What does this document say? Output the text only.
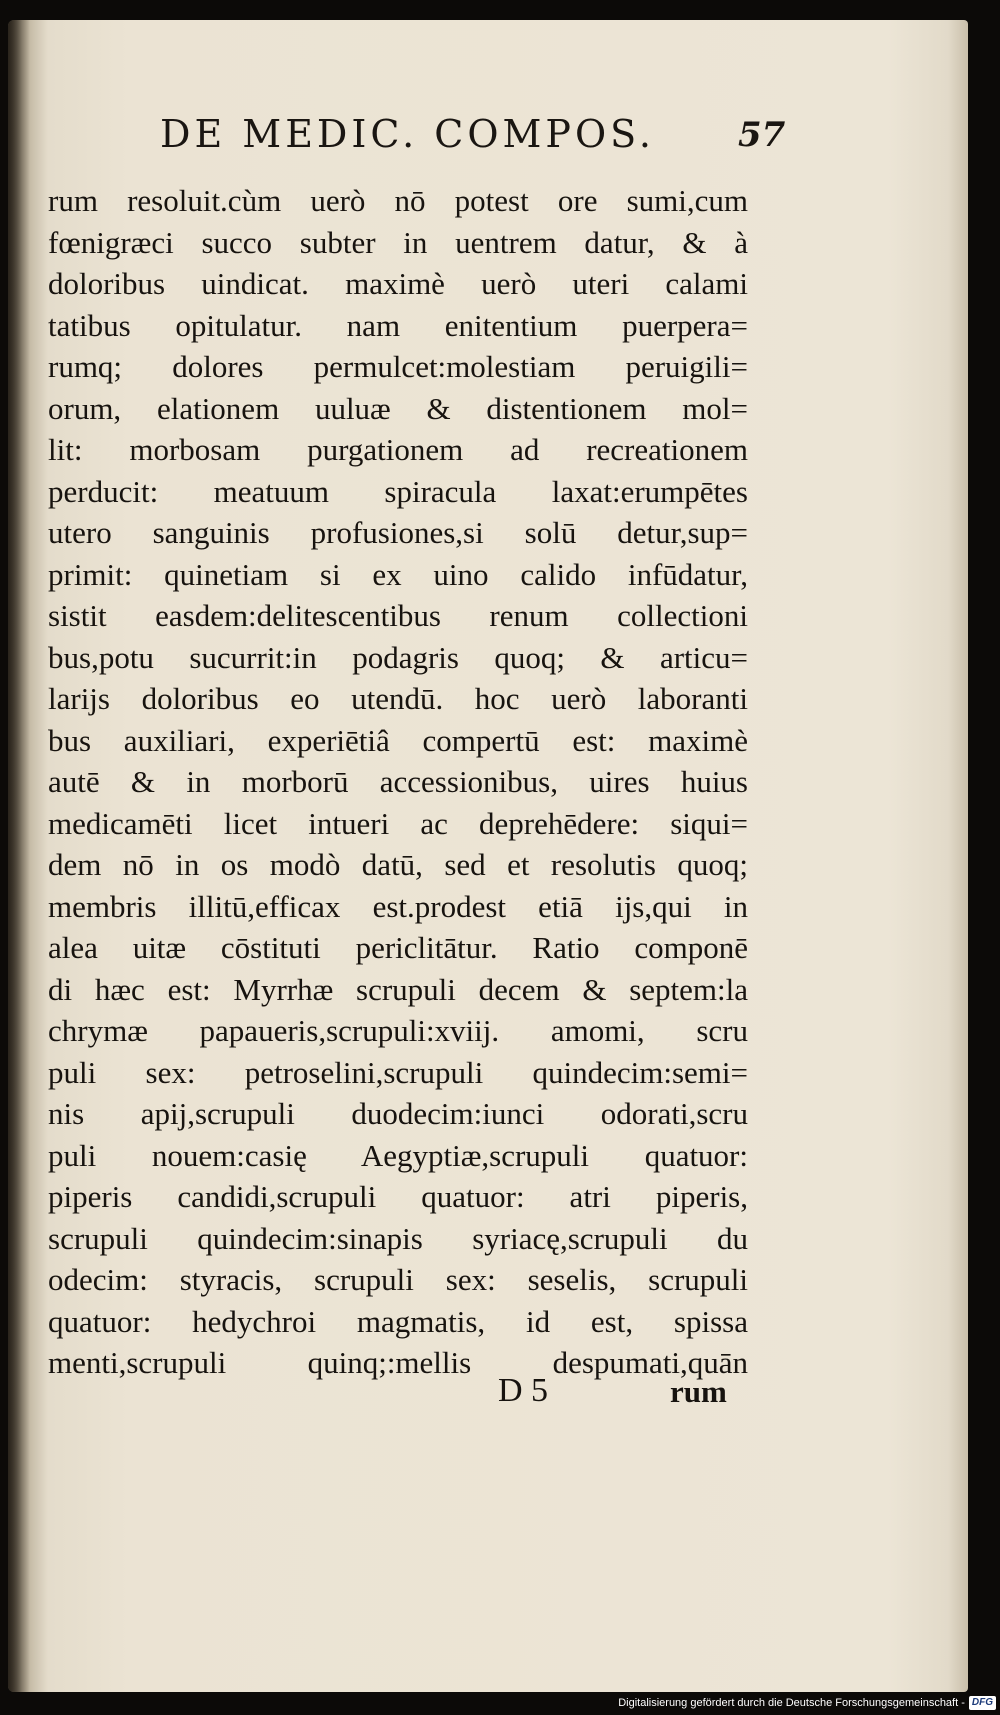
DE MEDIC. COMPOS. 57
rum resoluit.cùm uerò nō potest ore sumi,cum
fœnigræci succo subter in uentrem datur, & à
doloribus uindicat. maximè uerò uteri calami
tatibus opitulatur. nam enitentium puerpera=
rumq; dolores permulcet:molestiam peruigili=
orum, elationem uuluæ & distentionem mol=
lit: morbosam purgationem ad recreationem
perducit: meatuum spiracula laxat:erumpētes
utero sanguinis profusiones,si solū detur,sup=
primit: quinetiam si ex uino calido infūdatur,
sistit easdem:delitescentibus renum collectioni
bus,potu sucurrit:in podagris quoq; & articu=
larijs doloribus eo utendū. hoc uerò laboranti
bus auxiliari, experiētiâ compertū est: maximè
autē & in morborū accessionibus, uires huius
medicamēti licet intueri ac deprehēdere: siqui=
dem nō in os modò datū, sed et resolutis quoq;
membris illitū,efficax est.prodest etiā ijs,qui in
alea uitæ cōstituti periclitātur. Ratio componē
di hæc est: Myrrhæ scrupuli decem & septem:la
chrymæ papaueris,scrupuli:xviij. amomi, scru
puli sex: petroselini,scrupuli quindecim:semi=
nis apij,scrupuli duodecim:iunci odorati,scru
puli nouem:casię Aegyptiæ,scrupuli quatuor:
piperis candidi,scrupuli quatuor: atri piperis,
scrupuli quindecim:sinapis syriacę,scrupuli du
odecim: styracis, scrupuli sex: seselis, scrupuli
quatuor: hedychroi magmatis, id est, spissa
menti,scrupuli quinq;:mellis despumati,quān
D 5	rum
Digitalisierung gefördert durch die Deutsche Forschungsgemeinschaft - DFG
